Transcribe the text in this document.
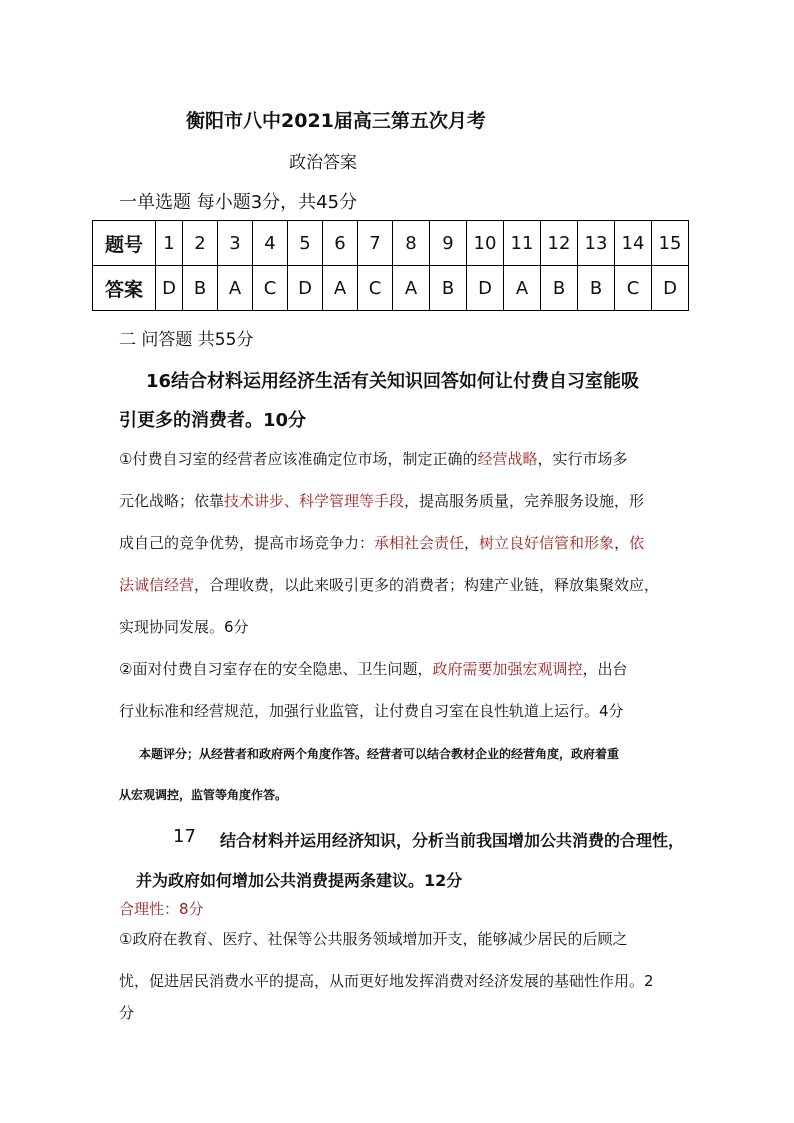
衡阳市八中2021届高三第五次月考
政治答案
一单选题 每小题3分，共45分
题号	1	2	3	4	5	6	7	8	9	10	11	12	13	14	15
答案	D	B	A	C	D	A	C	A	B	D	A	B	B	C	D
二 问答题 共55分
16结合材料运用经济生活有关知识回答如何让付费自习室能吸
引更多的消费者。10分
①付费自习室的经营者应该准确定位市场，制定正确的经营战略，实行市场多
元化战略；依靠技术讲步、科学管理等手段，提高服务质量，完养服务设施，形
成自己的竞争优势，提高市场竞争力：承相社会责任，树立良好信管和形象，依
法诚信经营，合理收费，以此来吸引更多的消费者；构建产业链，释放集聚效应，
实现协同发展。6分
②面对付费自习室存在的安全隐患、卫生问题，政府需要加强宏观调控，出台
行业标准和经营规范，加强行业监管，让付费自习室在良性轨道上运行。4分
本题评分；从经营者和政府两个角度作答。经营者可以结合教材企业的经营角度，政府着重
从宏观调控，监管等角度作答。
17 结合材料并运用经济知识，分析当前我国增加公共消费的合理性，
并为政府如何增加公共消费提两条建议。12分
合理性：8分
①政府在教育、医疗、社保等公共服务领域增加开支，能够减少居民的后顾之
忧，促进居民消费水平的提高，从而更好地发挥消费对经济发展的基础性作用。2
分
